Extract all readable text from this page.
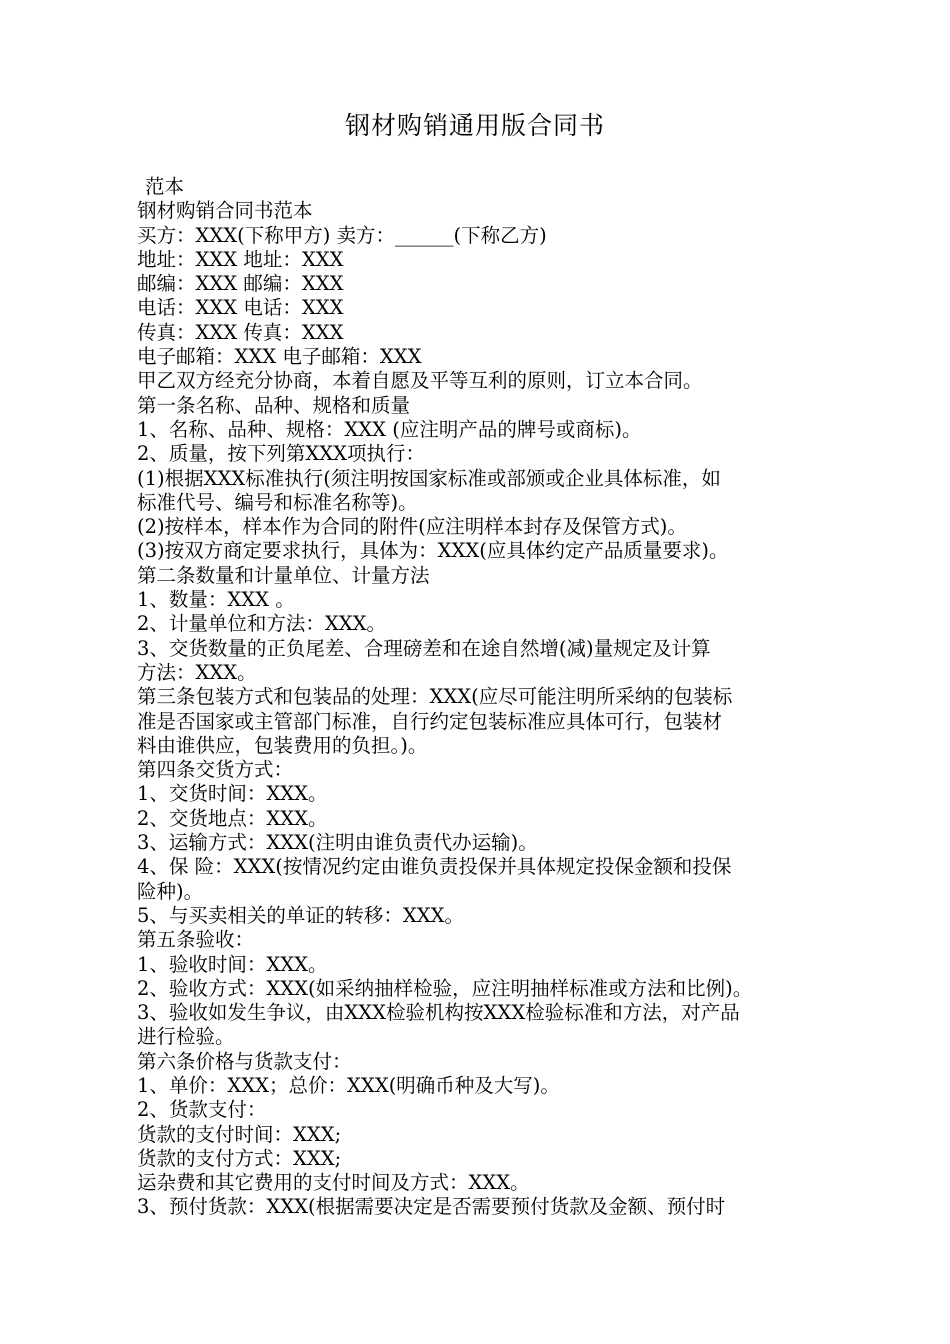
钢材购销通用版合同书
范本
钢材购销合同书范本
买方：XXX(下称甲方) 卖方：______(下称乙方)
地址：XXX 地址：XXX
邮编：XXX 邮编：XXX
电话：XXX 电话：XXX
传真：XXX 传真：XXX
电子邮箱：XXX 电子邮箱：XXX
甲乙双方经充分协商，本着自愿及平等互利的原则，订立本合同。
第一条名称、品种、规格和质量
1、名称、品种、规格：XXX (应注明产品的牌号或商标)。
2、质量，按下列第XXX项执行：
(1)根据XXX标准执行(须注明按国家标准或部颁或企业具体标准，如
标准代号、编号和标准名称等)。
(2)按样本，样本作为合同的附件(应注明样本封存及保管方式)。
(3)按双方商定要求执行，具体为：XXX(应具体约定产品质量要求)。
第二条数量和计量单位、计量方法
1、数量：XXX 。
2、计量单位和方法：XXX。
3、交货数量的正负尾差、合理磅差和在途自然增(减)量规定及计算
方法：XXX。
第三条包装方式和包装品的处理：XXX(应尽可能注明所采纳的包装标
准是否国家或主管部门标准，自行约定包装标准应具体可行，包装材
料由谁供应，包装费用的负担。)。
第四条交货方式：
1、交货时间：XXX。
2、交货地点：XXX。
3、运输方式：XXX(注明由谁负责代办运输)。
4、保 险：XXX(按情况约定由谁负责投保并具体规定投保金额和投保
险种)。
5、与买卖相关的单证的转移：XXX。
第五条验收：
1、验收时间：XXX。
2、验收方式：XXX(如采纳抽样检验，应注明抽样标准或方法和比例)。
3、验收如发生争议，由XXX检验机构按XXX检验标准和方法，对产品
进行检验。
第六条价格与货款支付：
1、单价：XXX；总价：XXX(明确币种及大写)。
2、货款支付：
货款的支付时间：XXX;
货款的支付方式：XXX;
运杂费和其它费用的支付时间及方式：XXX。
3、预付货款：XXX(根据需要决定是否需要预付货款及金额、预付时
